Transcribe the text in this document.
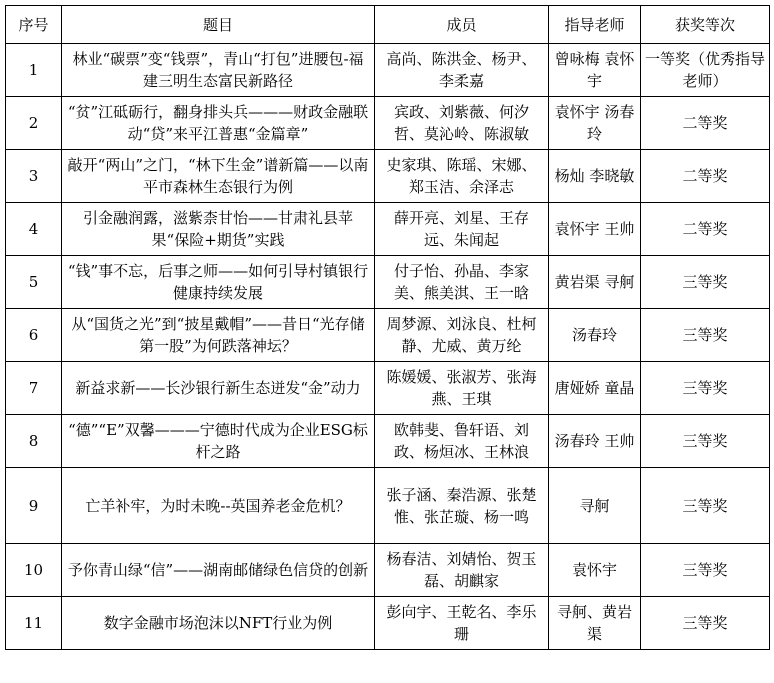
序号	题目	成员	指导老师	获奖等次
1	林业“碳票”变“钱票”，青山“打包”进腰包-福建三明生态富民新路径	高尚、陈洪金、杨尹、李柔嘉	曾咏梅 袁怀宇	一等奖（优秀指导老师）
2	“贫”江砥砺行，翻身排头兵———财政金融联动“贷”来平江普惠“金篇章”	宾政、刘紫薇、何汐哲、莫沁岭、陈淑敏	袁怀宇 汤春玲	二等奖
3	敲开“两山”之门，“林下生金”谱新篇——以南平市森林生态银行为例	史家琪、陈瑶、宋娜、郑玉洁、余泽志	杨灿 李晓敏	二等奖
4	引金融润露，滋紫柰甘怡——甘肃礼县苹果“保险+期货”实践	薛开亮、刘星、王存远、朱闻起	袁怀宇 王帅	二等奖
5	“钱”事不忘，后事之师——如何引导村镇银行健康持续发展	付子怡、孙晶、李家美、熊美淇、王一晗	黄岩渠 寻舸	三等奖
6	从“国货之光”到“披星戴帽”——昔日“光存储第一股”为何跌落神坛？	周梦源、刘泳良、杜柯静、尤威、黄万纶	汤春玲	三等奖
7	新益求新——长沙银行新生态迸发“金”动力	陈媛媛、张淑芳、张海燕、王琪	唐娅娇 童晶	三等奖
8	“德”“E”双馨———宁德时代成为企业ESG标杆之路	欧韩斐、鲁轩语、刘政、杨烜冰、王林浪	汤春玲 王帅	三等奖
9	亡羊补牢，为时未晚--英国养老金危机？	张子涵、秦浩源、张楚惟、张芷璇、杨一鸣	寻舸	三等奖
10	予你青山绿“信”——湖南邮储绿色信贷的创新	杨春洁、刘婧怡、贺玉磊、胡麒家	袁怀宇	三等奖
11	数字金融市场泡沫以NFT行业为例	彭向宇、王乾名、李乐珊	寻舸、黄岩渠	三等奖
